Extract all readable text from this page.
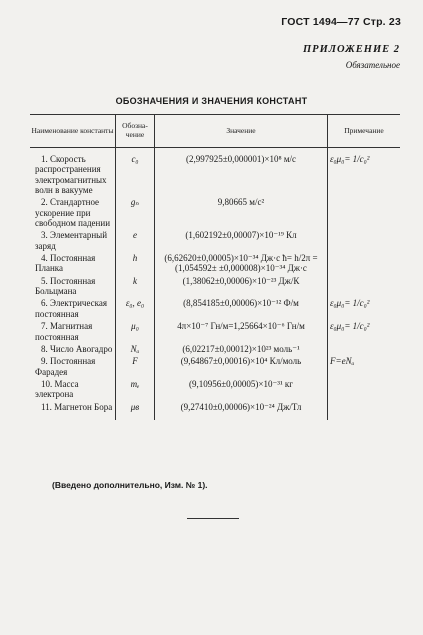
ГОСТ 1494—77 Стр. 23
ПРИЛОЖЕНИЕ 2
Обязательное
ОБОЗНАЧЕНИЯ И ЗНАЧЕНИЯ КОНСТАНТ
Наименование константы	Обозна-чение	Значение	Примечание
1. Скорость распространения электромагнитных волн в вакууме	c₀	(2,997925±0,000001)×10⁸ м/с	ε₀μ₀= 1/c₀²
2. Стандартное ускорение при свободном падении	gₙ	9,80665 м/с²	
3. Элементарный заряд	e	(1,602192±0,00007)×10⁻¹⁹ Кл	
4. Постоянная Планка	h	(6,62620±0,00005)×10⁻³⁴ Дж·с ħ= h/2π =(1,054592± ±0,000008)×10⁻³⁴ Дж·с	
5. Постоянная Больцмана	k	(1,38062±0,00006)×10⁻²³ Дж/К	
6. Электрическая постоянная	ε₀, e₀	(8,854185±0,00006)×10⁻¹² Ф/м	ε₀μ₀= 1/c₀²
7. Магнитная постоянная	μ₀	4π×10⁻⁷ Гн/м=1,25664×10⁻⁶ Гн/м	ε₀μ₀= 1/c₀²
8. Число Авогадро	Nₐ	(6,02217±0,00012)×10²³ моль⁻¹	
9. Постоянная Фарадея	F	(9,64867±0,00016)×10⁴ Кл/моль	F=eNₐ
10. Масса электрона	mₑ	(9,10956±0,00005)×10⁻³¹ кг	
11. Магнетон Бора	μв	(9,27410±0,00006)×10⁻²⁴ Дж/Тл	
(Введено дополнительно, Изм. № 1).
